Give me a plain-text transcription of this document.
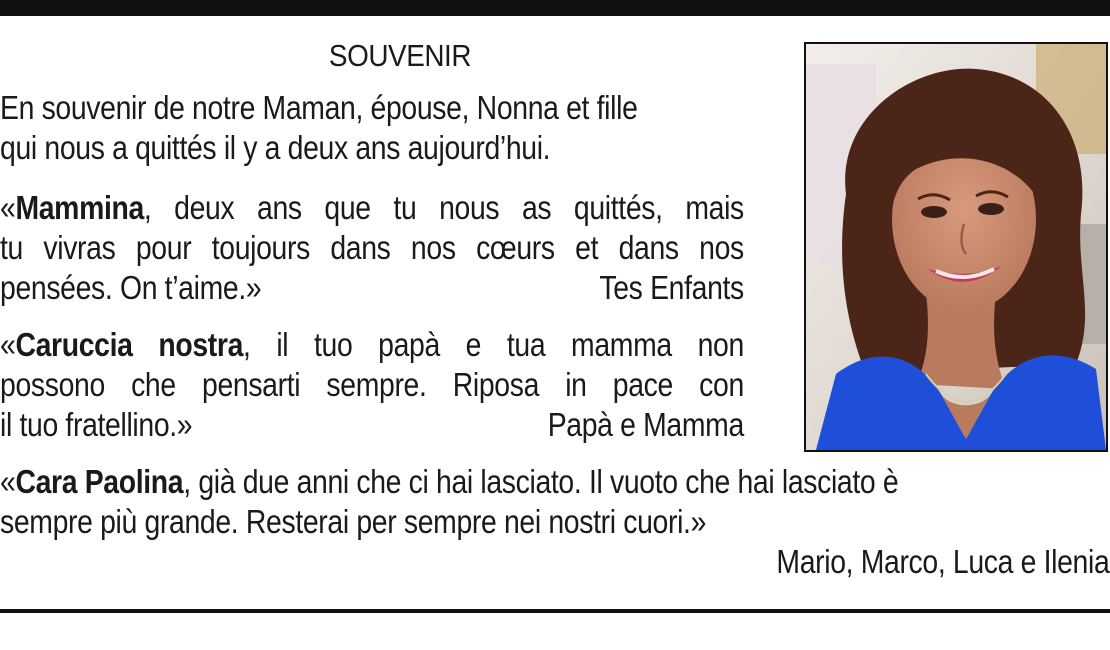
SOUVENIR
En souvenir de notre Maman, épouse, Nonna et fille
qui nous a quittés il y a deux ans aujourd’hui.
«Mammina, deux ans que tu nous as quittés, mais
tu vivras pour toujours dans nos cœurs et dans nos
pensées. On t’aime.»	Tes Enfants
«Caruccia nostra, il tuo papà e tua mamma non
possono che pensarti sempre. Riposa in pace con
il tuo fratellino.»	Papà e Mamma
«Cara Paolina, già due anni che ci hai lasciato. Il vuoto che hai lasciato è
sempre più grande. Resterai per sempre nei nostri cuori.»
Mario, Marco, Luca e Ilenia
